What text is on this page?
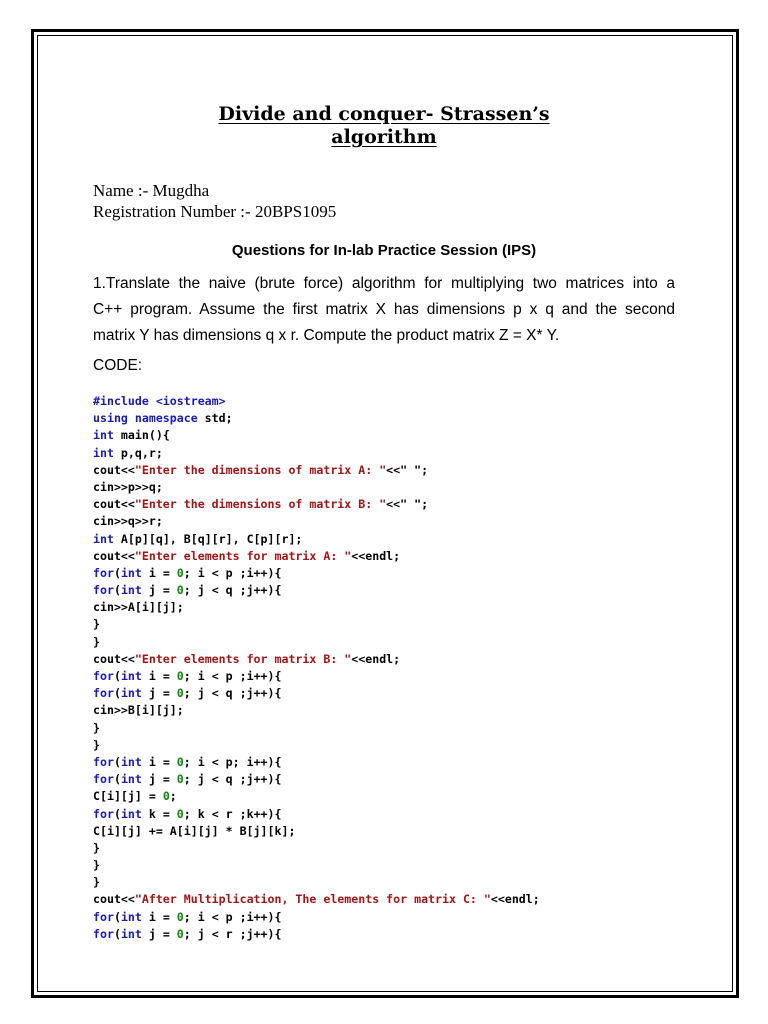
Divide and conquer- Strassen’s
algorithm
Name :- Mugdha
Registration Number :- 20BPS1095
Questions for In-lab Practice Session (IPS)
1.Translate the naive (brute force) algorithm for multiplying two matrices into a
C++ program. Assume the first matrix X has dimensions p x q and the second
matrix Y has dimensions q x r. Compute the product matrix Z = X* Y.
CODE:
#include <iostream>
using namespace std;
int main(){
int p,q,r;
cout<<"Enter the dimensions of matrix A: "<<" ";
cin>>p>>q;
cout<<"Enter the dimensions of matrix B: "<<" ";
cin>>q>>r;
int A[p][q], B[q][r], C[p][r];
cout<<"Enter elements for matrix A: "<<endl;
for(int i = 0; i < p ;i++){
for(int j = 0; j < q ;j++){
cin>>A[i][j];
}
}
cout<<"Enter elements for matrix B: "<<endl;
for(int i = 0; i < p ;i++){
for(int j = 0; j < q ;j++){
cin>>B[i][j];
}
}
for(int i = 0; i < p; i++){
for(int j = 0; j < q ;j++){
C[i][j] = 0;
for(int k = 0; k < r ;k++){
C[i][j] += A[i][j] * B[j][k];
}
}
}
cout<<"After Multiplication, The elements for matrix C: "<<endl;
for(int i = 0; i < p ;i++){
for(int j = 0; j < r ;j++){
